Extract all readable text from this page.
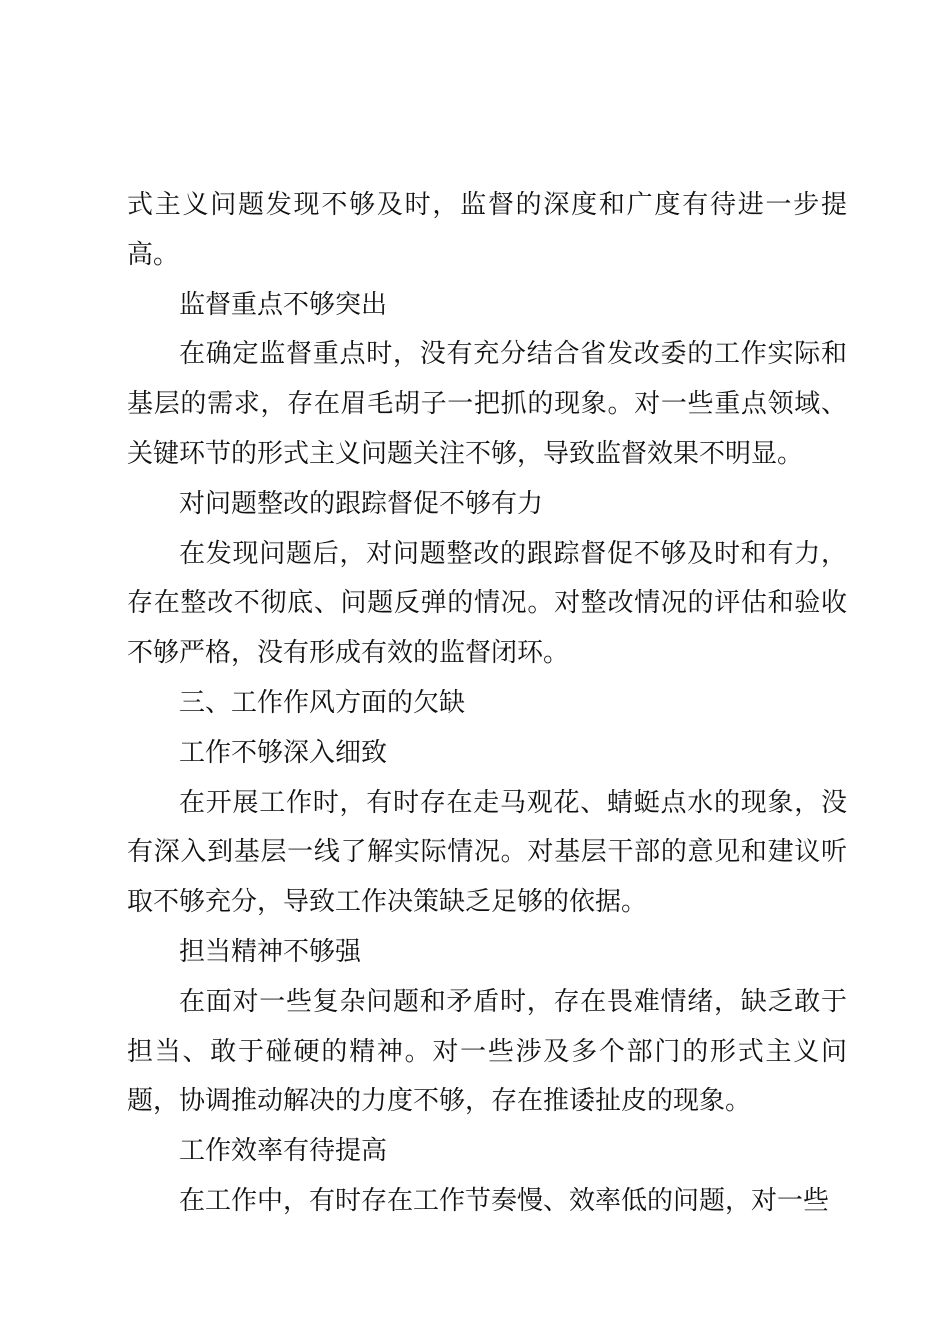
式主义问题发现不够及时，监督的深度和广度有待进一步提高。

监督重点不够突出

在确定监督重点时，没有充分结合省发改委的工作实际和基层的需求，存在眉毛胡子一把抓的现象。对一些重点领域、关键环节的形式主义问题关注不够，导致监督效果不明显。

对问题整改的跟踪督促不够有力

在发现问题后，对问题整改的跟踪督促不够及时和有力，存在整改不彻底、问题反弹的情况。对整改情况的评估和验收不够严格，没有形成有效的监督闭环。

三、工作作风方面的欠缺

工作不够深入细致

在开展工作时，有时存在走马观花、蜻蜓点水的现象，没有深入到基层一线了解实际情况。对基层干部的意见和建议听取不够充分，导致工作决策缺乏足够的依据。

担当精神不够强

在面对一些复杂问题和矛盾时，存在畏难情绪，缺乏敢于担当、敢于碰硬的精神。对一些涉及多个部门的形式主义问题，协调推动解决的力度不够，存在推诿扯皮的现象。

工作效率有待提高

在工作中，有时存在工作节奏慢、效率低的问题，对一些
